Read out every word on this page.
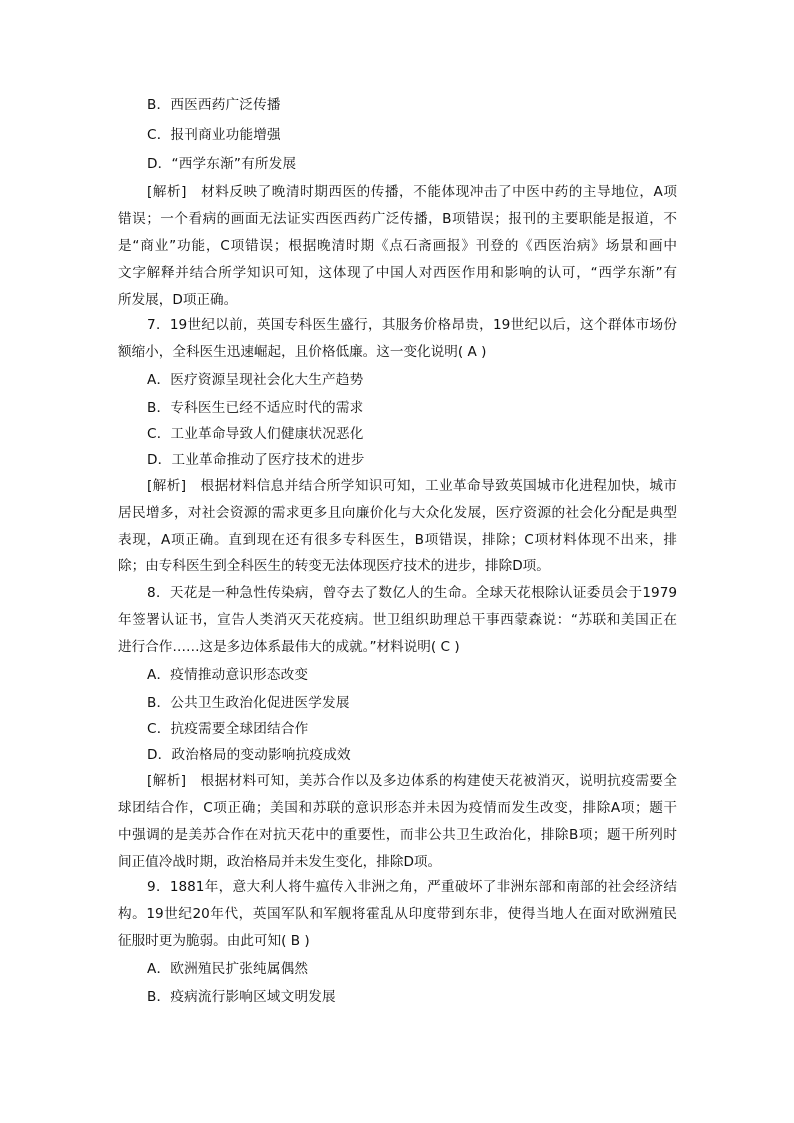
B．西医西药广泛传播
C．报刊商业功能增强
D．“西学东渐”有所发展
[解析]　材料反映了晚清时期西医的传播，不能体现冲击了中医中药的主导地位，A项
错误；一个看病的画面无法证实西医西药广泛传播，B项错误；报刊的主要职能是报道，不
是“商业”功能，C项错误；根据晚清时期《点石斋画报》刊登的《西医治病》场景和画中
文字解释并结合所学知识可知，这体现了中国人对西医作用和影响的认可，“西学东渐”有
所发展，D项正确。
7．19世纪以前，英国专科医生盛行，其服务价格昂贵，19世纪以后，这个群体市场份
额缩小，全科医生迅速崛起，且价格低廉。这一变化说明( A )
A．医疗资源呈现社会化大生产趋势
B．专科医生已经不适应时代的需求
C．工业革命导致人们健康状况恶化
D．工业革命推动了医疗技术的进步
[解析]　根据材料信息并结合所学知识可知，工业革命导致英国城市化进程加快，城市
居民增多，对社会资源的需求更多且向廉价化与大众化发展，医疗资源的社会化分配是典型
表现，A项正确。直到现在还有很多专科医生，B项错误，排除；C项材料体现不出来，排
除；由专科医生到全科医生的转变无法体现医疗技术的进步，排除D项。
8．天花是一种急性传染病，曾夺去了数亿人的生命。全球天花根除认证委员会于1979
年签署认证书，宣告人类消灭天花疫病。世卫组织助理总干事西蒙森说：“苏联和美国正在
进行合作……这是多边体系最伟大的成就。”材料说明( C )
A．疫情推动意识形态改变
B．公共卫生政治化促进医学发展
C．抗疫需要全球团结合作
D．政治格局的变动影响抗疫成效
[解析]　根据材料可知，美苏合作以及多边体系的构建使天花被消灭，说明抗疫需要全
球团结合作，C项正确；美国和苏联的意识形态并未因为疫情而发生改变，排除A项；题干
中强调的是美苏合作在对抗天花中的重要性，而非公共卫生政治化，排除B项；题干所列时
间正值冷战时期，政治格局并未发生变化，排除D项。
9．1881年，意大利人将牛瘟传入非洲之角，严重破坏了非洲东部和南部的社会经济结
构。19世纪20年代，英国军队和军舰将霍乱从印度带到东非，使得当地人在面对欧洲殖民
征服时更为脆弱。由此可知( B )
A．欧洲殖民扩张纯属偶然
B．疫病流行影响区域文明发展
